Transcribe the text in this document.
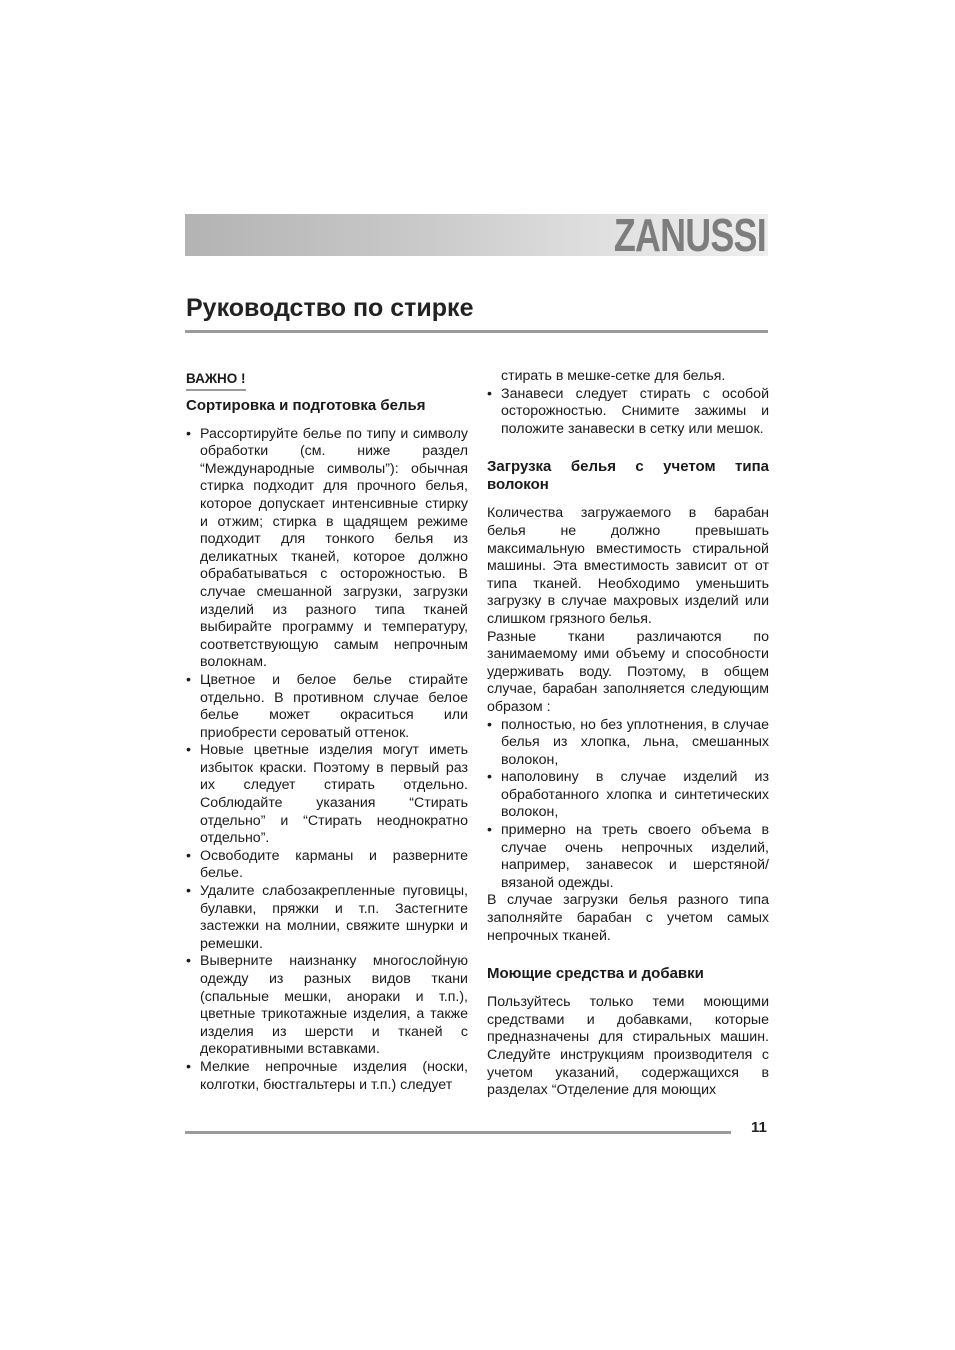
ZANUSSI
Руководство по стирке
ВАЖНО !
Сортировка и подготовка белья
• Рассортируйте белье по типу и символу обработки (см. ниже раздел “Международные символы”): обычная стирка подходит для прочного белья, которое допускает интенсивные стирку и отжим; стирка в щадящем режиме подходит для тонкого белья из деликатных тканей, которое должно обрабатываться с осторожностью. В случае смешанной загрузки, загрузки изделий из разного типа тканей выбирайте программу и температуру, соответствующую самым непрочным волокнам.
• Цветное и белое белье стирайте отдельно. В противном случае белое белье может окраситься или приобрести сероватый оттенок.
• Новые цветные изделия могут иметь избыток краски. Поэтому в первый раз их следует стирать отдельно. Соблюдайте указания “Стирать отдельно” и “Стирать неоднократно отдельно”.
• Освободите карманы и разверните белье.
• Удалите слабозакрепленные пуговицы, булавки, пряжки и т.п. Застегните застежки на молнии, свяжите шнурки и ремешки.
• Выверните наизнанку многослойную одежду из разных видов ткани (спальные мешки, анораки и т.п.), цветные трикотажные изделия, а также изделия из шерсти и тканей с декоративными вставками.
• Мелкие непрочные изделия (носки, колготки, бюстгальтеры и т.п.) следует
стирать в мешке-сетке для белья.
• Занавеси следует стирать с особой осторожностью. Снимите зажимы и положите занавески в сетку или мешок.
Загрузка белья с учетом типа волокон

Количества загружаемого в барабан белья не должно превышать максимальную вместимость стиральной машины. Эта вместимость зависит от от типа тканей. Необходимо уменьшить загрузку в случае махровых изделий или слишком грязного белья.

Разные ткани различаются по занимаемому ими объему и способности удерживать воду. Поэтому, в общем случае, барабан заполняется следующим образом :

• полностью, но без уплотнения, в случае белья из хлопка, льна, смешанных волокон,
• наполовину в случае изделий из обработанного хлопка и синтетических волокон,
• примерно на треть своего объема в случае очень непрочных изделий, например, занавесок и шерстяной/ вязаной одежды.

В случае загрузки белья разного типа заполняйте барабан с учетом самых непрочных тканей.

Моющие средства и добавки

Пользуйтесь только теми моющими средствами и добавками, которые предназначены для стиральных машин. Следуйте инструкциям производителя с учетом указаний, содержащихся в разделах “Отделение для моющих

11
